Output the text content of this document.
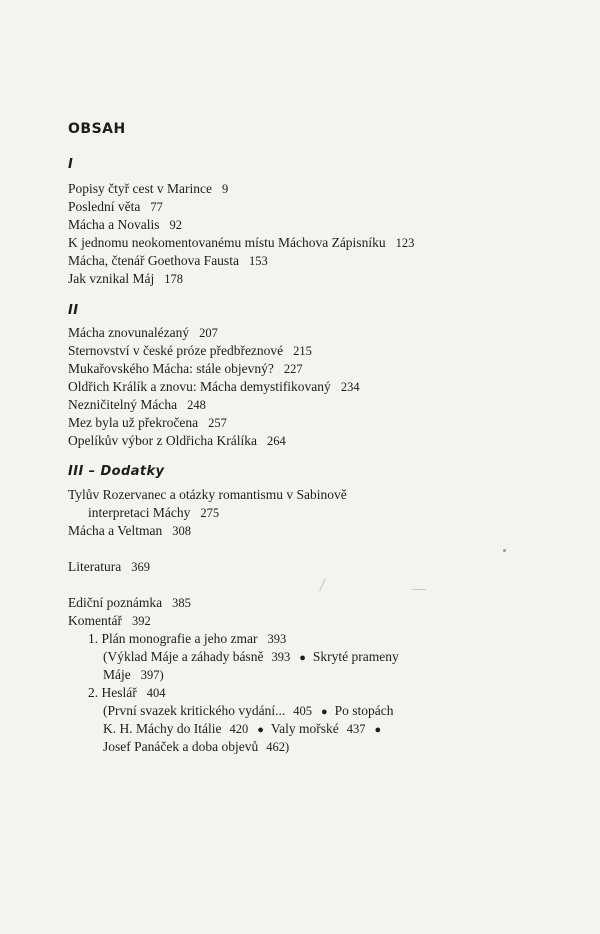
OBSAH
I
Popisy čtyř cest v Marince 9
Poslední věta 77
Mácha a Novalis 92
K jednomu neokomentovanému místu Máchova Zápisníku 123
Mácha, čtenář Goethova Fausta 153
Jak vznikal Máj 178
II
Mácha znovunalézaný 207
Sternovství v české próze předbřeznové 215
Mukařovského Mácha: stále objevný? 227
Oldřich Králík a znovu: Mácha demystifikovaný 234
Nezničitelný Mácha 248
Mez byla už překročena 257
Opelíkův výbor z Oldřicha Králíka 264
III – Dodatky
Tylův Rozervanec a otázky romantismu v Sabinově
interpretaci Máchy 275
Mácha a Veltman 308
Literatura 369
Ediční poznámka 385
Komentář 392
1. Plán monografie a jeho zmar 393
(Výklad Máje a záhady básně 393 ● Skryté prameny
Máje 397)
2. Heslář 404
(První svazek kritického vydání... 405 ● Po stopách
K. H. Máchy do Itálie 420 ● Valy mořské 437 ●
Josef Panáček a doba objevů 462)
